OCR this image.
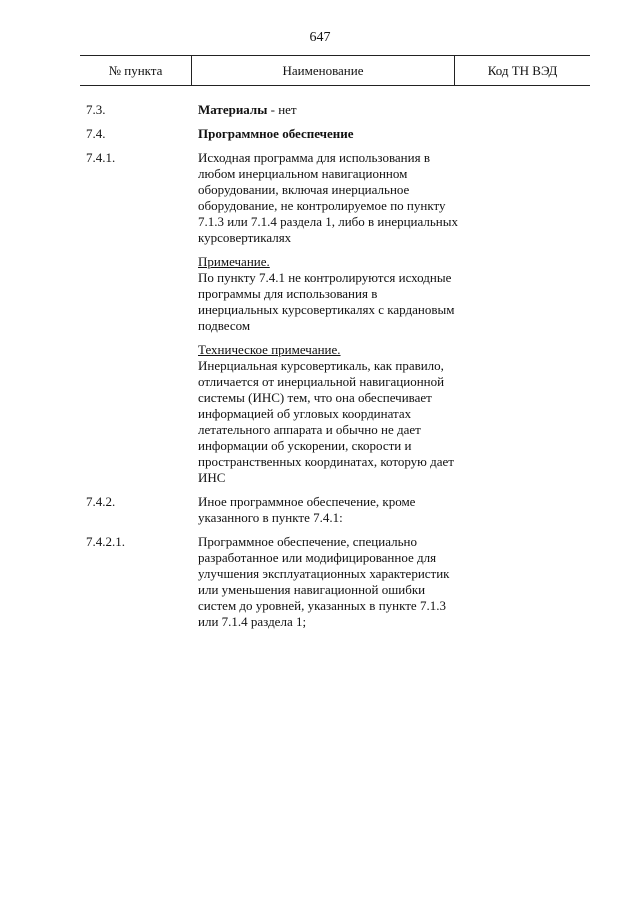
647
№ пункта	Наименование	Код ТН ВЭД
7.3.	Материалы - нет
7.4.	Программное обеспечение
7.4.1.	Исходная программа для использования в любом инерциальном навигационном оборудовании, включая инерциальное оборудование, не контролируемое по пункту 7.1.3 или 7.1.4 раздела 1, либо в инерциальных курсовертикалях
Примечание.
По пункту 7.4.1 не контролируются исходные программы для использования в инерциальных курсовертикалях с кардановым подвесом
Техническое примечание.
Инерциальная курсовертикаль, как правило, отличается от инерциальной навигационной системы (ИНС) тем, что она обеспечивает информацией об угловых координатах летательного аппарата и обычно не дает информации об ускорении, скорости и пространственных координатах, которую дает ИНС
7.4.2.	Иное программное обеспечение, кроме указанного в пункте 7.4.1:
7.4.2.1.	Программное обеспечение, специально разработанное или модифицированное для улучшения эксплуатационных характеристик или уменьшения навигационной ошибки систем до уровней, указанных в пункте 7.1.3 или 7.1.4 раздела 1;
